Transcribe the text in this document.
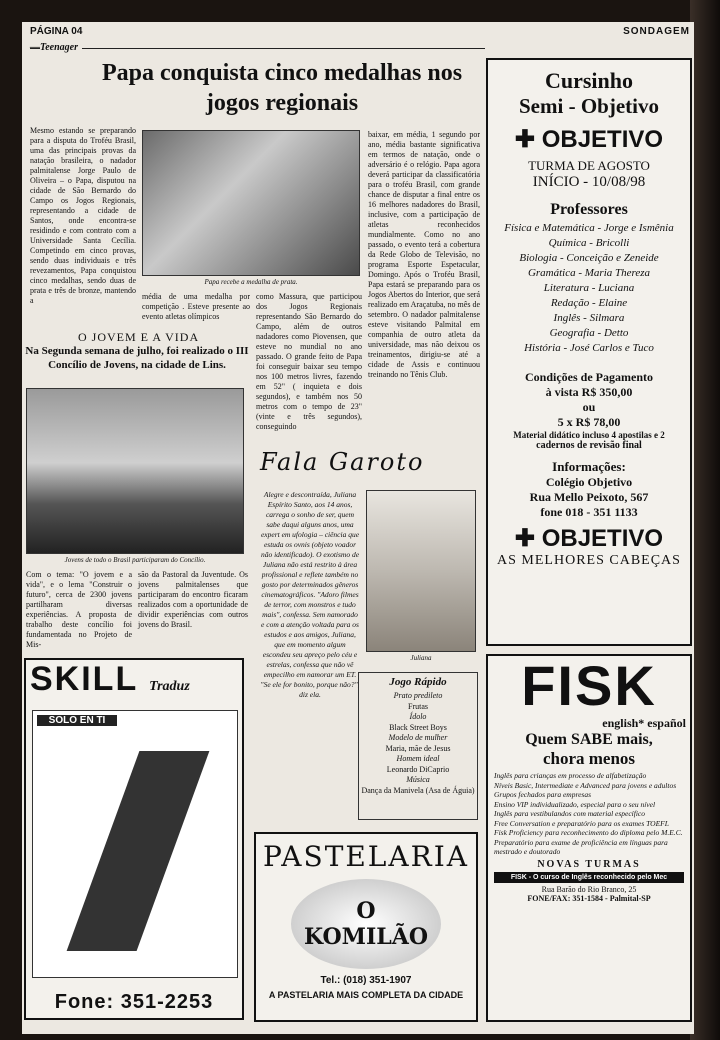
PÁGINA 04	SONDAGEM
—Teenager
Papa conquista cinco medalhas nos jogos regionais
Mesmo estando se preparando para a disputa do Troféu Brasil, uma das principais provas da natação brasileira, o nadador palmitalense Jorge Paulo de Oliveira – o Papa, disputou na cidade de São Bernardo do Campo os Jogos Regionais, representando a cidade de Santos, onde encontra-se residindo e com contrato com a Universidade Santa Cecília. Competindo em cinco provas, sendo duas individuais e três revezamentos, Papa conquistou cinco medalhas, sendo duas de prata e três de bronze, mantendo a
Papa recebe a medalha de prata.
média de uma medalha por competição . Esteve presente ao evento atletas olímpicos
como Massura, que participou dos Jogos Regionais representando São Bernardo do Campo, além de outros nadadores como Piovensen, que esteve no mundial no ano passado. O grande feito de Papa foi conseguir baixar seu tempo nos 100 metros livres, fazendo em 52" ( inquieta e dois segundos), e também nos 50 metros com o tempo de 23" (vinte e três segundos), conseguindo
baixar, em média, 1 segundo por ano, média bastante significativa em termos de natação, onde o adversário é o relógio. Papa agora deverá participar da classificatória para o troféu Brasil, com grande chance de disputar a final entre os 16 melhores nadadores do Brasil, inclusive, com a participação de atletas reconhecidos mundialmente. Como no ano passado, o evento terá a cobertura da Rede Globo de Televisão, no programa Esporte Espetacular, Domingo. Após o Troféu Brasil, Papa estará se preparando para os Jogos Abertos do Interior, que será realizado em Araçatuba, no mês de setembro. O nadador palmitalense esteve visitando Palmital em companhia de outro atleta da universidade, mas não deixou os treinamentos, dirigiu-se até a cidade de Assis e continuou treinando no Tênis Club.
O JOVEM E A VIDA
Na Segunda semana de julho, foi realizado o III Concílio de Jovens, na cidade de Lins.
Jovens de todo o Brasil participaram do Concílio.
Com o tema: "O jovem e a vida", e o lema "Construir o futuro", cerca de 2300 jovens partilharam diversas experiências. A proposta de trabalho deste concílio foi fundamentada no Projeto de Mis-
são da Pastoral da Juventude. Os jovens palmitalenses que participaram do encontro ficaram realizados com a oportunidade de dividir experiências com outros jovens do Brasil.
Fala Garoto
Alegre e descontraída, Juliana Espírito Santo, aos 14 anos, carrega o sonho de ser, quem sabe daqui alguns anos, uma expert em ufologia – ciência que estuda os ovnis (objeto voador não identificado). O exotismo de Juliana não está restrito à área profissional e reflete também no gosto por determinados gêneros cinematográficos. "Adoro filmes de terror, com monstros e tudo mais", confessa. Sem namorado e com a atenção voltada para os estudos e aos amigos, Juliana, que em momento algum escondeu seu apreço pelo céu e estrelas, confessa que não vê empecilho em namorar um ET. "Se ele for bonito, porque não?", diz ela.
Juliana
Jogo Rápido
Prato predileto
Frutas
Ídolo
Black Street Boys
Modelo de mulher
Maria, mãe de Jesus
Homem ideal
Leonardo DiCaprio
Música
Dança da Manivela (Asa de Águia)
Cursinho
Semi - Objetivo
✚ OBJETIVO
TURMA DE AGOSTO
INÍCIO - 10/08/98
Professores
Física e Matemática - Jorge e Ismênia
Química - Bricolli
Biologia - Conceição e Zeneide
Gramática - Maria Thereza
Literatura - Luciana
Redação - Elaine
Inglês - Silmara
Geografia - Detto
História - José Carlos e Tuco
Condições de Pagamento
à vista R$ 350,00
ou
5 x R$ 78,00
Material didático incluso 4 apostilas e 2
cadernos de revisão final
Informações:
Colégio Objetivo
Rua Mello Peixoto, 567
fone 018 - 351 1133
✚ OBJETIVO
AS MELHORES CABEÇAS
SKILL Traduz
SOLO EN TI
Fone: 351-2253
PASTELARIA
O KOMILÃO
Tel.: (018) 351-1907
A PASTELARIA MAIS COMPLETA DA CIDADE
FISK
english* español
Quem SABE mais,
chora menos
Inglês para crianças em processo de alfabetização
Níveis Basic, Intermediate e Advanced para jovens e adultos
Grupos fechados para empresas
Ensino VIP individualizado, especial para o seu nível
Inglês para vestibulandos com material específico
Free Conversation e preparatório para os exames TOEFL
Fisk Proficiency para reconhecimento do diploma pelo M.E.C.
Preparatório para exame de proficiência em línguas para mestrado e doutorado
NOVAS TURMAS
FISK - O curso de Inglês reconhecido pelo Mec
Rua Barão do Rio Branco, 25
FONE/FAX: 351-1584 - Palmital-SP
